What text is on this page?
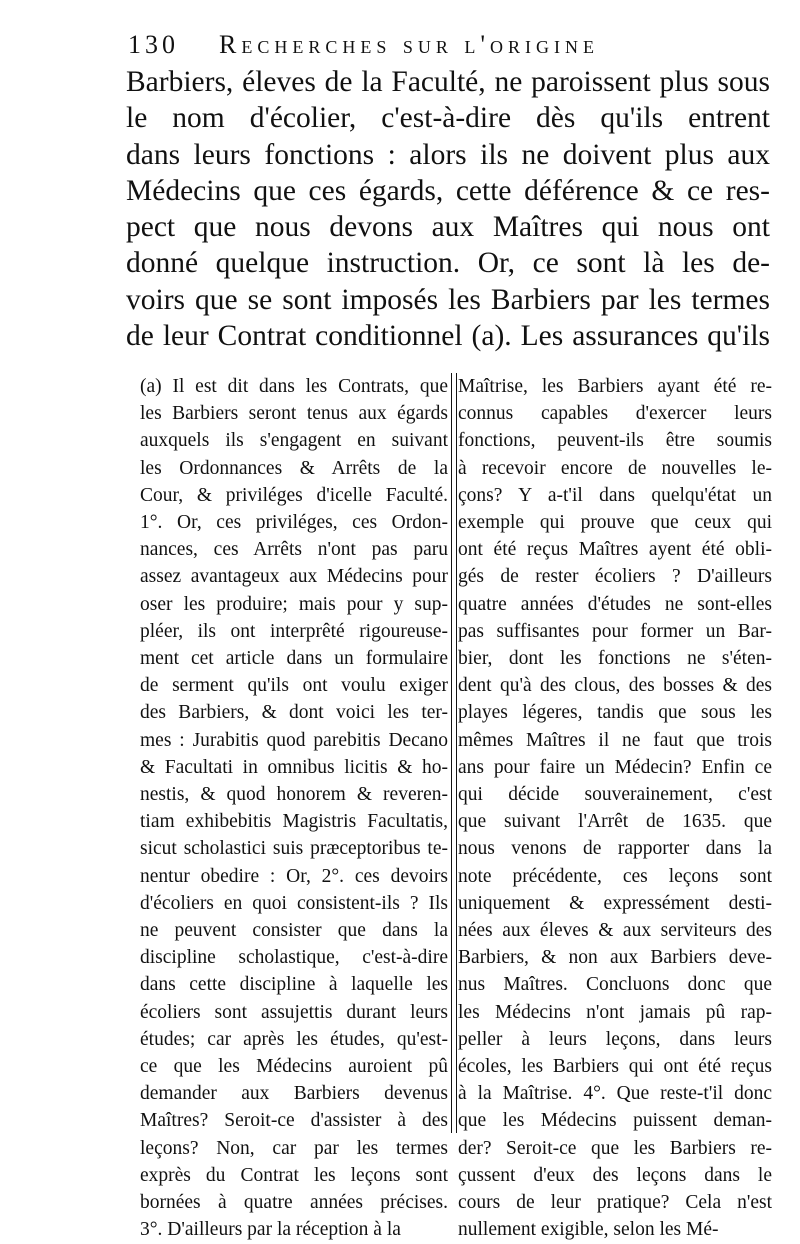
130 Recherches sur l'origine
Barbiers, éleves de la Faculté, ne paroissent plus sous
le nom d'écolier, c'est-à-dire dès qu'ils entrent
dans leurs fonctions : alors ils ne doivent plus aux
Médecins que ces égards, cette déférence & ce res-
pect que nous devons aux Maîtres qui nous ont
donné quelque instruction. Or, ce sont là les de-
voirs que se sont imposés les Barbiers par les termes
de leur Contrat conditionnel (a). Les assurances qu'ils
(a) Il est dit dans les Contrats, que
les Barbiers seront tenus aux égards
auxquels ils s'engagent en suivant
les Ordonnances & Arrêts de la
Cour, & priviléges d'icelle Faculté.
1°. Or, ces priviléges, ces Ordon-
nances, ces Arrêts n'ont pas paru
assez avantageux aux Médecins pour
oser les produire; mais pour y sup-
pléer, ils ont interprêté rigoureuse-
ment cet article dans un formulaire
de serment qu'ils ont voulu exiger
des Barbiers, & dont voici les ter-
mes : Jurabitis quod parebitis Decano
& Facultati in omnibus licitis & ho-
nestis, & quod honorem & reveren-
tiam exhibebitis Magistris Facultatis,
sicut scholastici suis præceptoribus te-
nentur obedire : Or, 2°. ces devoirs
d'écoliers en quoi consistent-ils ? Ils
ne peuvent consister que dans la
discipline scholastique, c'est-à-dire
dans cette discipline à laquelle les
écoliers sont assujettis durant leurs
études; car après les études, qu'est-
ce que les Médecins auroient pû
demander aux Barbiers devenus
Maîtres? Seroit-ce d'assister à des
leçons? Non, car par les termes
exprès du Contrat les leçons sont
bornées à quatre années précises.
3°. D'ailleurs par la réception à la
Maîtrise, les Barbiers ayant été re-
connus capables d'exercer leurs
fonctions, peuvent-ils être soumis
à recevoir encore de nouvelles le-
çons? Y a-t'il dans quelqu'état un
exemple qui prouve que ceux qui
ont été reçus Maîtres ayent été obli-
gés de rester écoliers ? D'ailleurs
quatre années d'études ne sont-elles
pas suffisantes pour former un Bar-
bier, dont les fonctions ne s'éten-
dent qu'à des clous, des bosses & des
playes légeres, tandis que sous les
mêmes Maîtres il ne faut que trois
ans pour faire un Médecin? Enfin ce
qui décide souverainement, c'est
que suivant l'Arrêt de 1635. que
nous venons de rapporter dans la
note précédente, ces leçons sont
uniquement & expressément desti-
nées aux éleves & aux serviteurs des
Barbiers, & non aux Barbiers deve-
nus Maîtres. Concluons donc que
les Médecins n'ont jamais pû rap-
peller à leurs leçons, dans leurs
écoles, les Barbiers qui ont été reçus
à la Maîtrise. 4°. Que reste-t'il donc
que les Médecins puissent deman-
der? Seroit-ce que les Barbiers re-
çussent d'eux des leçons dans le
cours de leur pratique? Cela n'est
nullement exigible, selon les Mé-
